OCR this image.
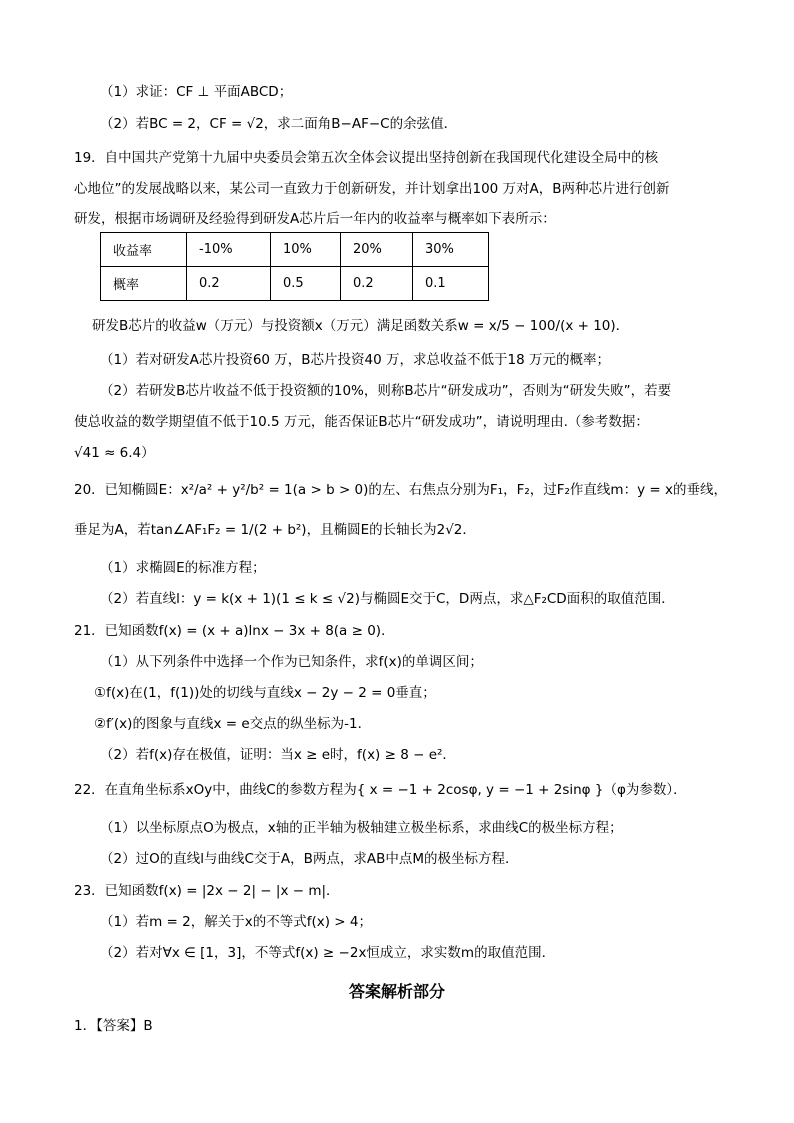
（1）求证：CF ⊥ 平面ABCD；
（2）若BC = 2，CF = √2，求二面角B−AF−C的余弦值．
19．自中国共产党第十九届中央委员会第五次全体会议提出坚持创新在我国现代化建设全局中的核
心地位”的发展战略以来，某公司一直致力于创新研发，并计划拿出100 万对A，B两种芯片进行创新
研发，根据市场调研及经验得到研发A芯片后一年内的收益率与概率如下表所示：
收益率	-10%	10%	20%	30%
概率	0.2	0.5	0.2	0.1
研发B芯片的收益w（万元）与投资额x（万元）满足函数关系w = x/5 − 100/(x + 10)．
（1）若对研发A芯片投资60 万，B芯片投资40 万，求总收益不低于18 万元的概率；
（2）若研发B芯片收益不低于投资额的10%，则称B芯片“研发成功”，否则为“研发失败”，若要
使总收益的数学期望值不低于10.5 万元，能否保证B芯片“研发成功”，请说明理由.（参考数据：
√41 ≈ 6.4）
20．已知椭圆E：x²/a² + y²/b² = 1(a > b > 0)的左、右焦点分别为F₁，F₂，过F₂作直线m：y = x的垂线，
垂足为A，若tan∠AF₁F₂ = 1/(2 + b²)，且椭圆E的长轴长为2√2．
（1）求椭圆E的标准方程；
（2）若直线l：y = k(x + 1)(1 ≤ k ≤ √2)与椭圆E交于C，D两点，求△F₂CD面积的取值范围．
21．已知函数f(x) = (x + a)lnx − 3x + 8(a ≥ 0)．
（1）从下列条件中选择一个作为已知条件，求f(x)的单调区间；
①f(x)在(1，f(1))处的切线与直线x − 2y − 2 = 0垂直；
②f′(x)的图象与直线x = e交点的纵坐标为-1．
（2）若f(x)存在极值，证明：当x ≥ e时，f(x) ≥ 8 − e²．
22．在直角坐标系xOy中，曲线C的参数方程为{ x = −1 + 2cosφ, y = −1 + 2sinφ }（φ为参数）．
（1）以坐标原点O为极点，x轴的正半轴为极轴建立极坐标系，求曲线C的极坐标方程；
（2）过O的直线l与曲线C交于A，B两点，求AB中点M的极坐标方程．
23．已知函数f(x) = |2x − 2| − |x − m|．
（1）若m = 2，解关于x的不等式f(x) > 4；
（2）若对∀x ∈ [1，3]，不等式f(x) ≥ −2x恒成立，求实数m的取值范围．
答案解析部分
1．【答案】B
